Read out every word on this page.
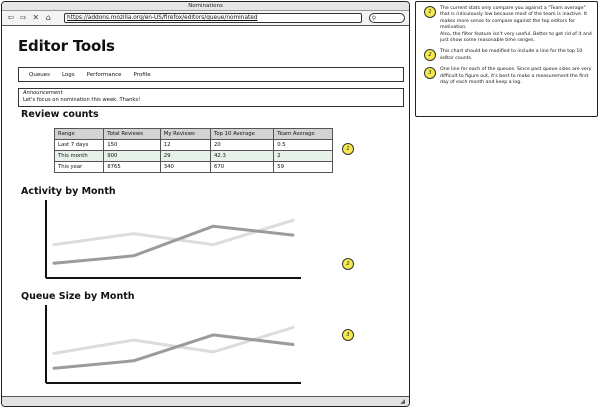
Nominations
⇦ ⇨ ✕ ⌂	https://addons.mozilla.org/en-US/firefox/editors/queue/nominated	⚲
Editor Tools
Queues Logs Performance Profile
Announcement
Let's focus on nomination this week. Thanks!
Review counts
Range	Total Reviews	My Reviews	Top 10 Average	Team Average
Last 7 days	150	12	20	0.5
This month	900	29	42.3	2
This year	8765	340	670	59
1
Activity by Month
2
Queue Size by Month
3
◢
1
The current stats only compare you against a "Team average" that is ridiculously low because most of the team is inactive. It makes more sense to compare against the top editors for motivation.
Also, the filter feature isn't very useful. Better to get rid of it and just show some reasonable time ranges.
2
This chart should be modified to include a line for the top 10 editor counts.
3
One line for each of the queues. Since past queue sizes are very difficult to figure out, it's best to make a measurement the first day of each month and keep a log.
